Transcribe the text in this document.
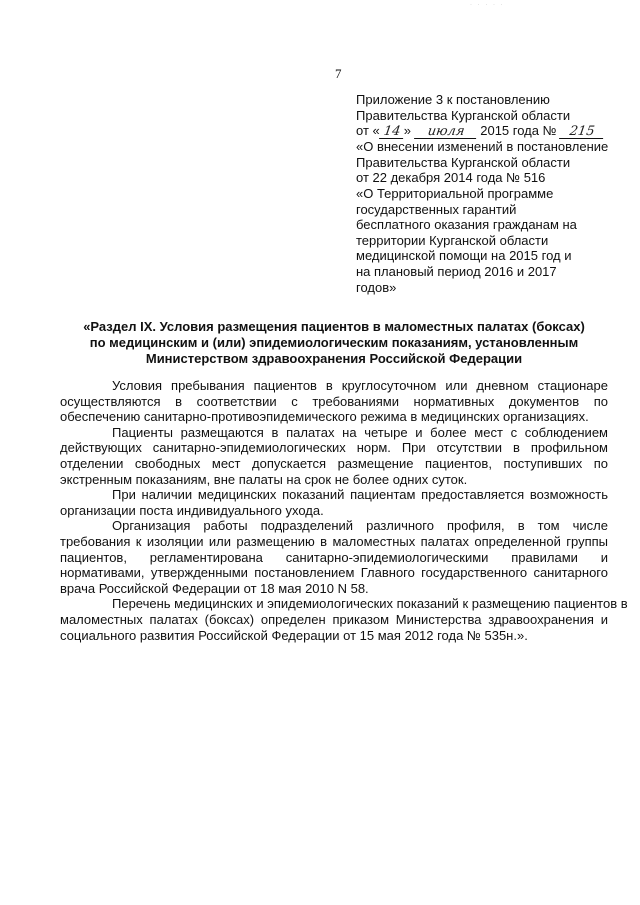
· · · · ·
7
Приложение 3 к постановлению
Правительства Курганской области
от « 14 » июля 2015 года № 215
«О внесении изменений в постановление
Правительства Курганской области
от 22 декабря 2014 года № 516
«О Территориальной программе
государственных гарантий
бесплатного оказания гражданам на
территории Курганской области
медицинской помощи на 2015 год и
на плановый период 2016 и 2017
годов»
«Раздел IX. Условия размещения пациентов в маломестных палатах (боксах)
по медицинским и (или) эпидемиологическим показаниям, установленным
Министерством здравоохранения Российской Федерации

Условия пребывания пациентов в круглосуточном или дневном стационаре
осуществляются в соответствии с требованиями нормативных документов по
обеспечению санитарно-противоэпидемического режима в медицинских организациях.

Пациенты размещаются в палатах на четыре и более мест с соблюдением
действующих санитарно-эпидемиологических норм. При отсутствии в профильном
отделении свободных мест допускается размещение пациентов, поступивших по
экстренным показаниям, вне палаты на срок не более одних суток.

При наличии медицинских показаний пациентам предоставляется возможность
организации поста индивидуального ухода.

Организация работы подразделений различного профиля, в том числе
требования к изоляции или размещению в маломестных палатах определенной группы
пациентов, регламентирована санитарно-эпидемиологическими правилами и
нормативами, утвержденными постановлением Главного государственного санитарного
врача Российской Федерации от 18 мая 2010 N 58.

Перечень медицинских и эпидемиологических показаний к размещению пациентов в
маломестных палатах (боксах) определен приказом Министерства здравоохранения и
социального развития Российской Федерации от 15 мая 2012 года № 535н.».
